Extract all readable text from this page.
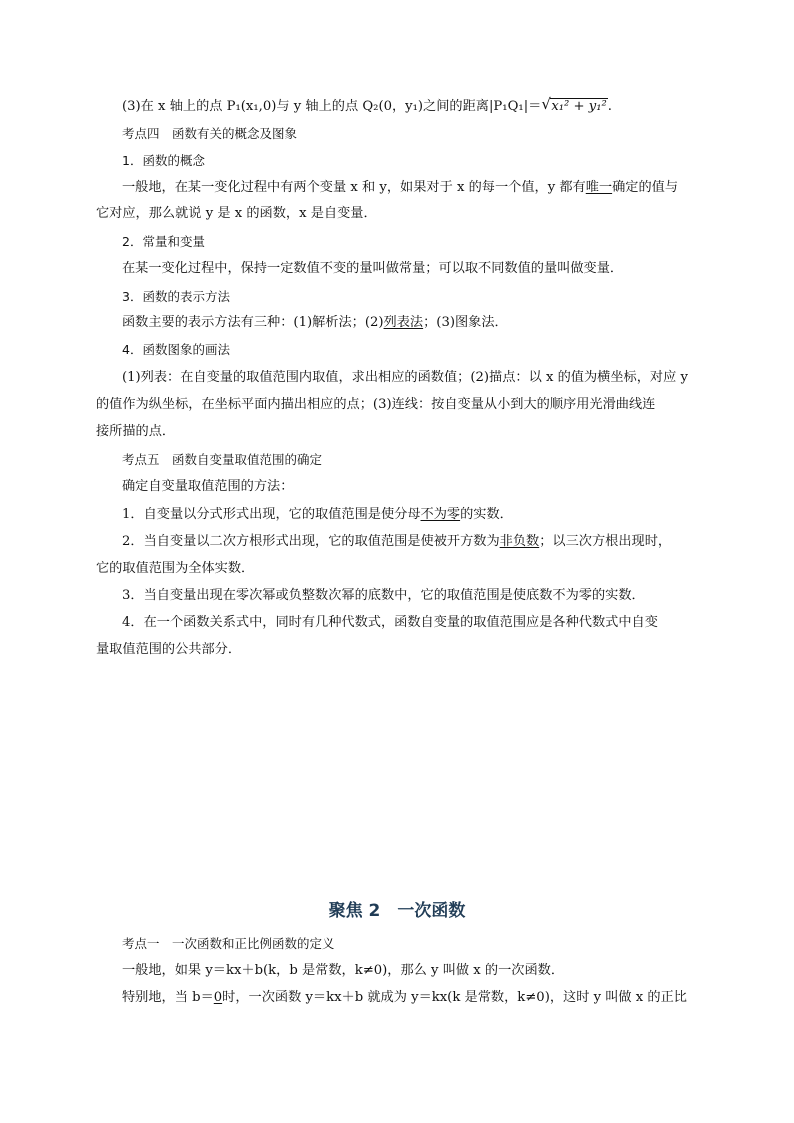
(3)在 x 轴上的点 P₁(x₁,0)与 y 轴上的点 Q₂(0，y₁)之间的距离|P₁Q₁|＝√ x₁² + y₁².
考点四　函数有关的概念及图象
1．函数的概念
一般地，在某一变化过程中有两个变量 x 和 y，如果对于 x 的每一个值，y 都有唯一确定的值与
它对应，那么就说 y 是 x 的函数，x 是自变量．
2．常量和变量
在某一变化过程中，保持一定数值不变的量叫做常量；可以取不同数值的量叫做变量．
3．函数的表示方法
函数主要的表示方法有三种：(1)解析法；(2)列表法；(3)图象法．
4．函数图象的画法
(1)列表：在自变量的取值范围内取值，求出相应的函数值；(2)描点：以 x 的值为横坐标，对应 y
的值作为纵坐标，在坐标平面内描出相应的点；(3)连线：按自变量从小到大的顺序用光滑曲线连
接所描的点．
考点五　函数自变量取值范围的确定
确定自变量取值范围的方法：
1．自变量以分式形式出现，它的取值范围是使分母不为零的实数．
2．当自变量以二次方根形式出现，它的取值范围是使被开方数为非负数；以三次方根出现时，
它的取值范围为全体实数．
3．当自变量出现在零次幂或负整数次幂的底数中，它的取值范围是使底数不为零的实数．
4．在一个函数关系式中，同时有几种代数式，函数自变量的取值范围应是各种代数式中自变
量取值范围的公共部分．
聚焦 2　一次函数
考点一　一次函数和正比例函数的定义
一般地，如果 y＝kx＋b(k，b 是常数，k≠0)，那么 y 叫做 x 的一次函数．
特别地，当 b＝0时，一次函数 y＝kx＋b 就成为 y＝kx(k 是常数，k≠0)，这时 y 叫做 x 的正比
